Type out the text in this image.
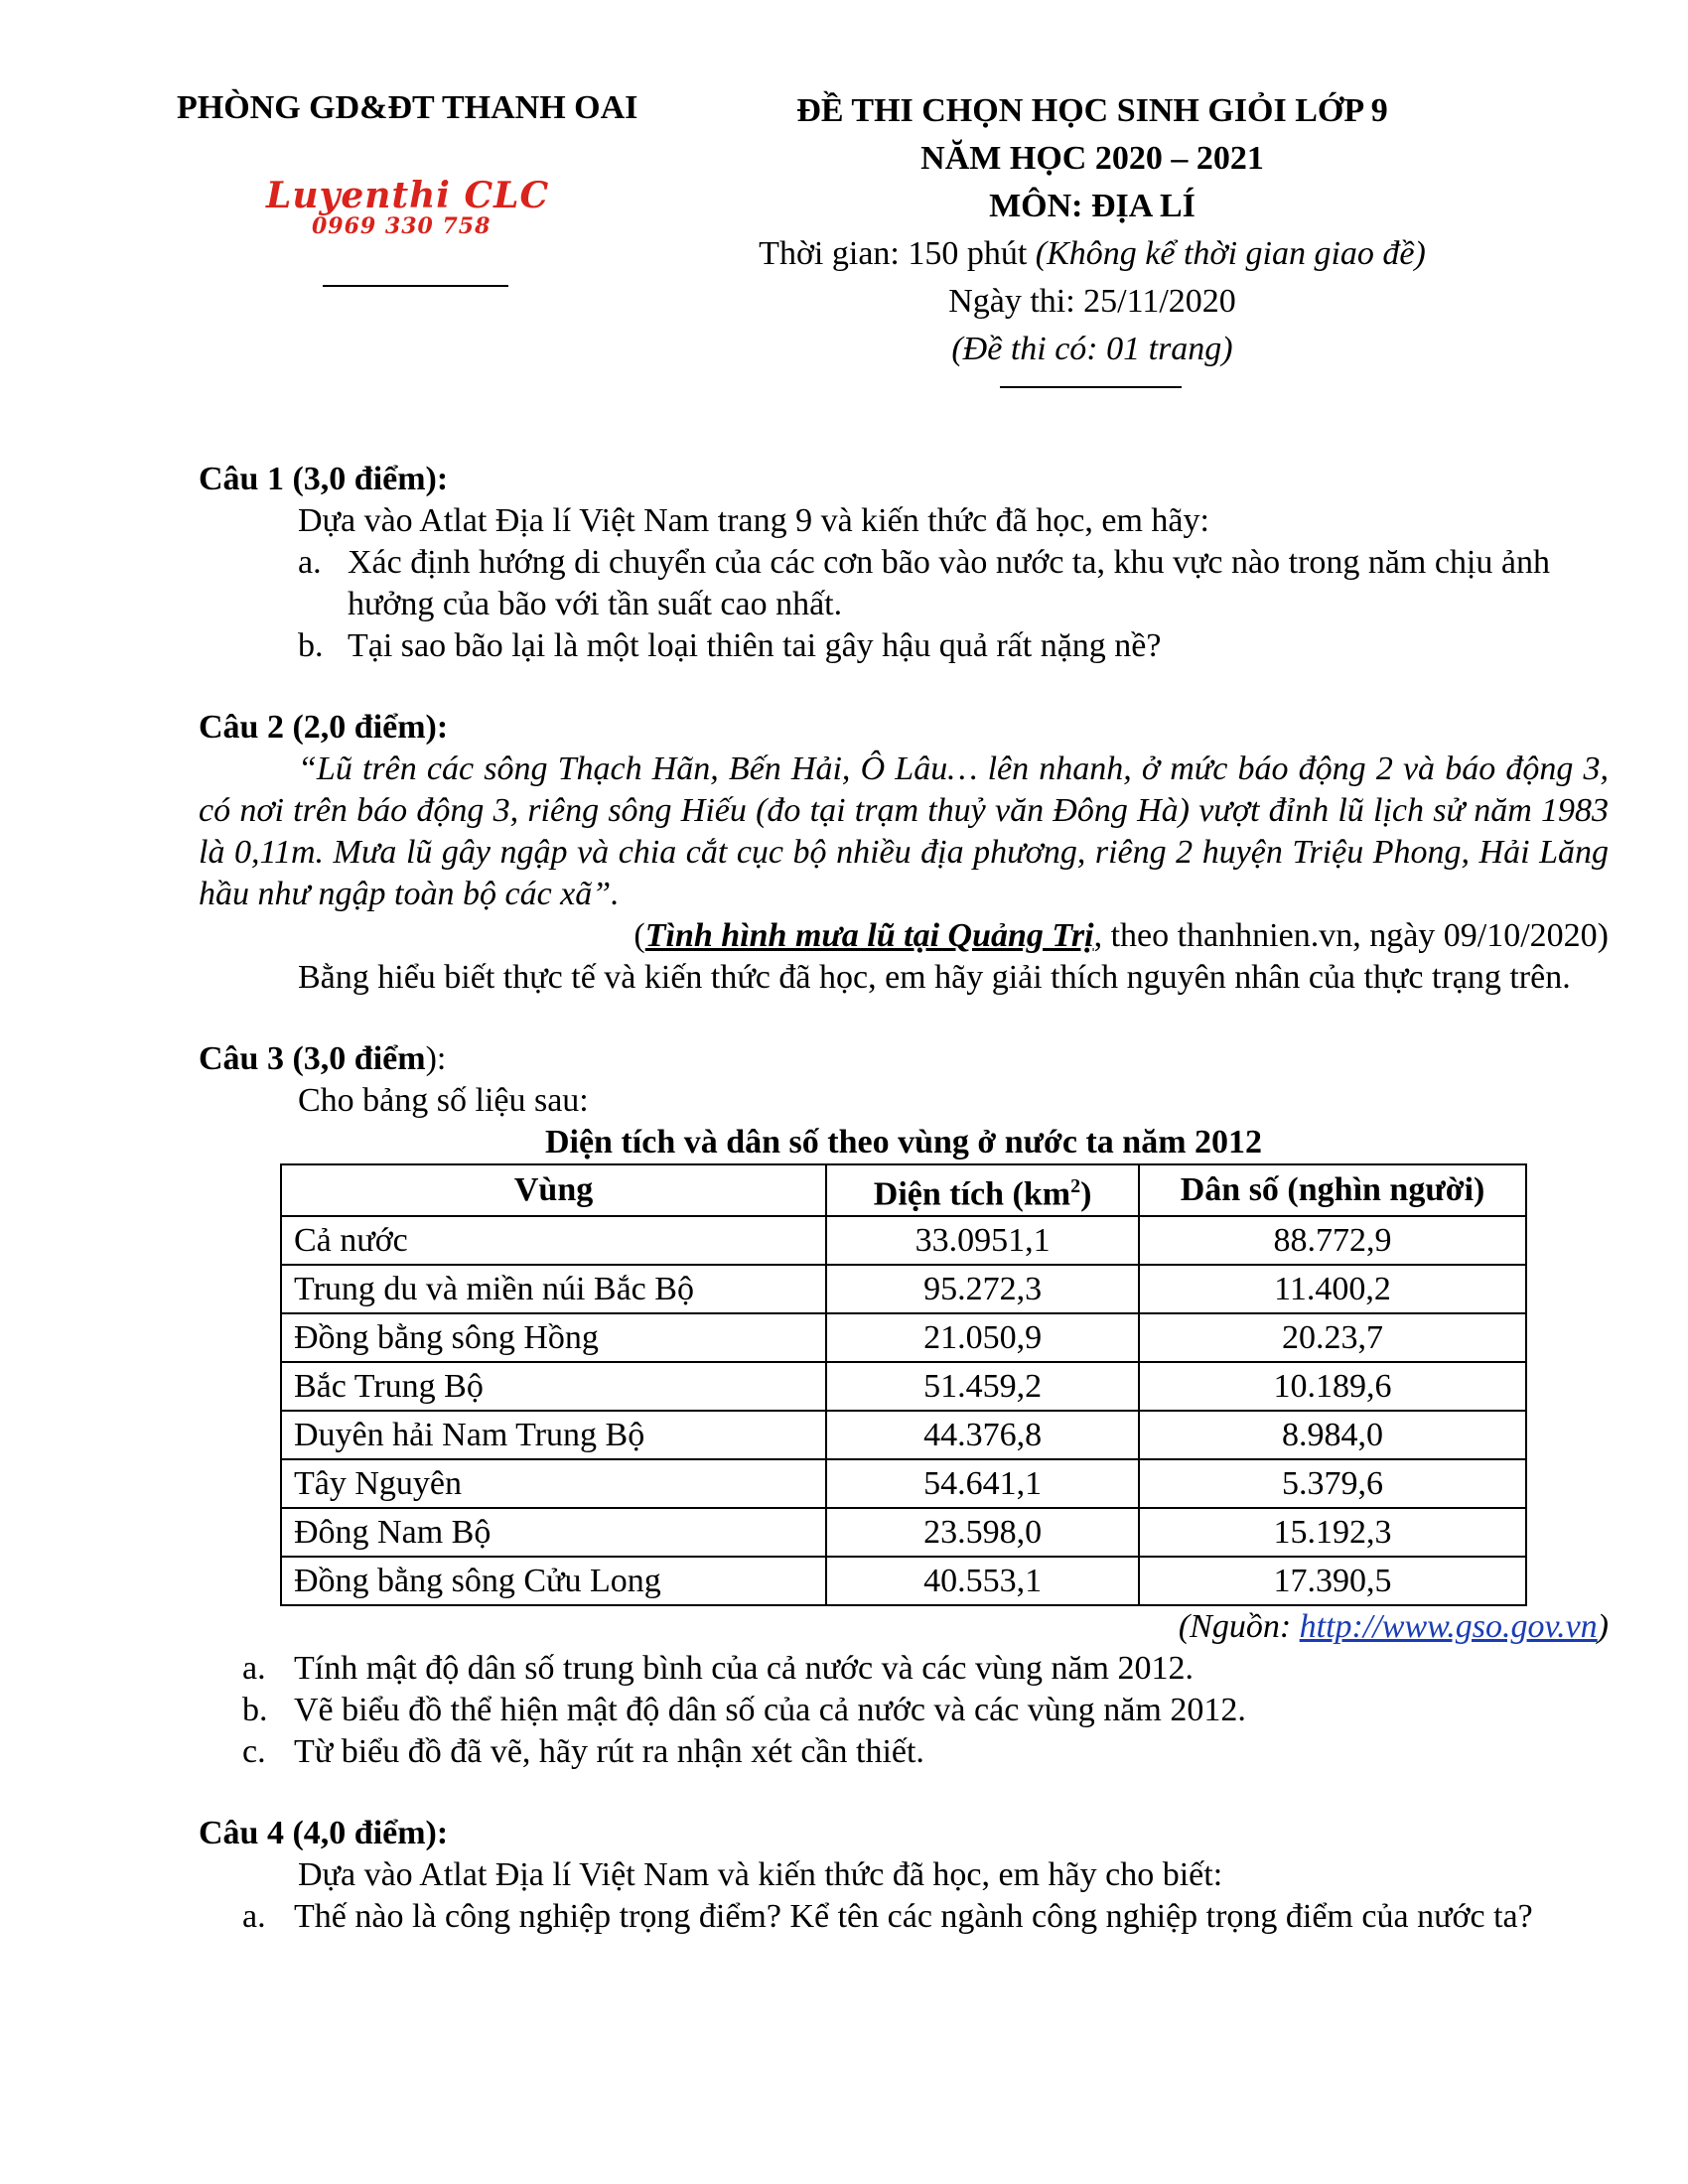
PHÒNG GD&ĐT THANH OAI
Luyenthi CLC
0969 330 758
ĐỀ THI CHỌN HỌC SINH GIỎI LỚP 9
NĂM HỌC 2020 – 2021
MÔN: ĐỊA LÍ
Thời gian: 150 phút (Không kể thời gian giao đề)
Ngày thi: 25/11/2020
(Đề thi có: 01 trang)

Câu 1 (3,0 điểm):

Dựa vào Atlat Địa lí Việt Nam trang 9 và kiến thức đã học, em hãy:

a. Xác định hướng di chuyển của các cơn bão vào nước ta, khu vực nào trong năm chịu ảnh hưởng của bão với tần suất cao nhất.
b. Tại sao bão lại là một loại thiên tai gây hậu quả rất nặng nề?

Câu 2 (2,0 điểm):

“Lũ trên các sông Thạch Hãn, Bến Hải, Ô Lâu… lên nhanh, ở mức báo động 2 và báo động 3, có nơi trên báo động 3, riêng sông Hiếu (đo tại trạm thuỷ văn Đông Hà) vượt đỉnh lũ lịch sử năm 1983 là 0,11m. Mưa lũ gây ngập và chia cắt cục bộ nhiều địa phương, riêng 2 huyện Triệu Phong, Hải Lăng hầu như ngập toàn bộ các xã”.

(Tình hình mưa lũ tại Quảng Trị, theo thanhnien.vn, ngày 09/10/2020)

Bằng hiểu biết thực tế và kiến thức đã học, em hãy giải thích nguyên nhân của thực trạng trên.

Câu 3 (3,0 điểm):

Cho bảng số liệu sau:

Diện tích và dân số theo vùng ở nước ta năm 2012
Vùng	Diện tích $(km^2)$	Dân số (nghìn người)
Cả nước	33.0951,1	88.772,9
Trung du và miền núi Bắc Bộ	95.272,3	11.400,2
Đồng bằng sông Hồng	21.050,9	20.23,7
Bắc Trung Bộ	51.459,2	10.189,6
Duyên hải Nam Trung Bộ	44.376,8	8.984,0
Tây Nguyên	54.641,1	5.379,6
Đông Nam Bộ	23.598,0	15.192,3
Đồng bằng sông Cửu Long	40.553,1	17.390,5
(Nguồn: http://www.gso.gov.vn)
a. Tính mật độ dân số trung bình của cả nước và các vùng năm 2012.
b. Vẽ biểu đồ thể hiện mật độ dân số của cả nước và các vùng năm 2012.
c. Từ biểu đồ đã vẽ, hãy rút ra nhận xét cần thiết.

Câu 4 (4,0 điểm):

Dựa vào Atlat Địa lí Việt Nam và kiến thức đã học, em hãy cho biết:

a. Thế nào là công nghiệp trọng điểm? Kể tên các ngành công nghiệp trọng điểm của nước ta?
